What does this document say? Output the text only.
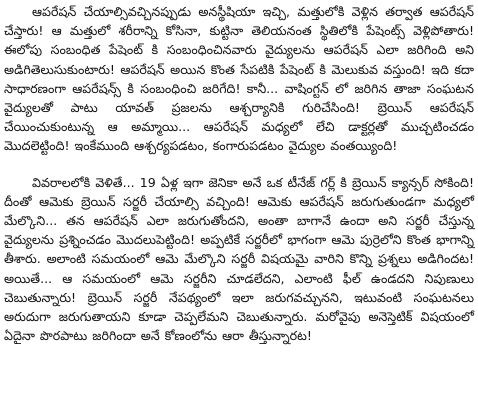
ఆపరేషన్ చేయాల్సివచ్చినప్పుడు అనస్థీషియా ఇచ్చి, మత్తులోకి వెళ్లిన తర్వాత ఆపరేషన్ చేస్తారు! ఆ మత్తులో శరీరాన్ని కోసినా, కుట్టినా తెలియనంత స్థితిలోకి పేషెంట్స్ వెళ్లిపోతారు! ఈలోపు సంబంధిత పేషెంట్ కి సంబంధించినవారు వైద్యులను ఆపరేషన్ ఎలా జరిగింది అని అడిగితెలుసుకుంటారు! ఆపరేషన్ అయిన కొంత సేపటికి పేషెంట్ కి మెలుకువ వస్తుంది! ఇది కదా సాధారణంగా ఆపరేషన్స్ కి సంబంధించి జరిగేది! కానీ... వాషింగ్టన్ లో జరిగిన తాజా సంఘటన వైద్యులతో పాటు యావత్ ప్రజలను ఆశ్చర్యానికి గురిచేసింది! బ్రెయిన్ ఆపరేషన్ చేయించుకుంటున్న ఆ అమ్మాయి... ఆపరేషన్ మధ్యలో లేచి డాక్టర్లతో ముచ్చటించడం మొదలెట్టింది! ఇంకేముంది ఆశ్చర్యపడటం, కంగారుపడటం వైద్యుల వంతయ్యింది!

వివరాలలోకి వెళితే... 19 ఏళ్ల ఇగా జెనికా అనే ఒక టీనేజ్ గర్ల్ కి బ్రెయిన్ క్యాన్సర్ సోకింది! దీంతో ఆమెకు బ్రెయిన్ సర్జరీ చేయాల్సి వచ్చింది! ఆమెకు ఆపరేషన్ జరుగుతుండగా మధ్యలో మేల్కొని... తన ఆపరేషన్ ఎలా జరుగుతోందని, అంతా బాగానే ఉందా అని సర్జరీ చేస్తున్న వైద్యులను ప్రశ్నించడం మొదలుపెట్టింది! అప్పటికే సర్జరీలో భాగంగా ఆమె పుర్రెలోని కొంత భాగాన్ని తీశారు. అలాంటి సమయంలో ఆమె మేల్కొని సర్జరీ విషయమై వారిని కొన్ని ప్రశ్నలు అడిగిందట! అయితే... ఆ సమయంలో ఆమె సర్జరీని చూడలేదని, ఎలాంటి ఫీల్ ఉండదని నిపుణులు చెబుతున్నారు! బ్రెయిన్ సర్జరీ నేపథ్యంలో ఇలా జరుగవచ్చునని, ఇటువంటి సంఘటనలు అరుదుగా జరుగుతాయని కూడా చెప్పలేమని చెబుతున్నారు. మరోవైపు అనెస్తెటిక్ విషయంలో ఏదైనా పొరపాటు జరిగిందా అనే కోణంలోను ఆరా తీస్తున్నారట!
